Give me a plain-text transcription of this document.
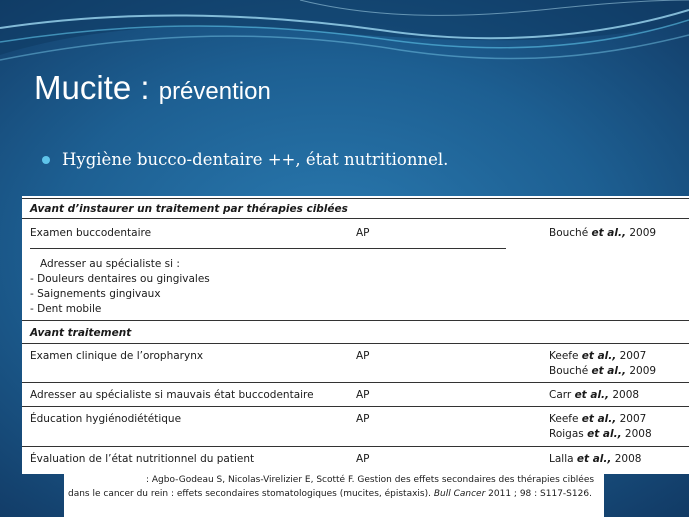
Mucite : prévention
Hygiène bucco-dentaire ++, état nutritionnel.
Avant d’instaurer un traitement par thérapies ciblées
Examen buccodentaire	AP	Bouché et al., 2009
Adresser au spécialiste si :
- Douleurs dentaires ou gingivales
- Saignements gingivaux
- Dent mobile
Avant traitement
Examen clinique de l’oropharynx	AP	Keefe et al., 2007
Bouché et al., 2009
Adresser au spécialiste si mauvais état buccodentaire	AP	Carr et al., 2008
Éducation hygiénodiététique	AP	Keefe et al., 2007
Roigas et al., 2008
Évaluation de l’état nutritionnel du patient	AP	Lalla et al., 2008
: Agbo-Godeau S, Nicolas-Virelizier E, Scotté F. Gestion des effets secondaires des thérapies ciblées
dans le cancer du rein : effets secondaires stomatologiques (mucites, épistaxis). Bull Cancer 2011 ; 98 : S117-S126.
